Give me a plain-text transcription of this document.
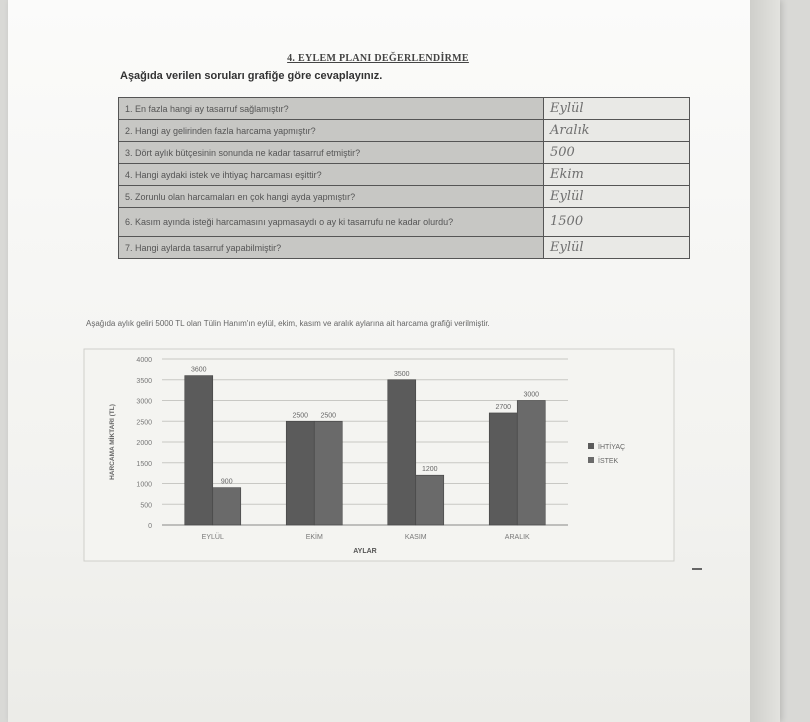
4. EYLEM PLANI DEĞERLENDİRME
Aşağıda verilen soruları grafiğe göre cevaplayınız.
1. En fazla hangi ay tasarruf sağlamıştır?	Eylül
2. Hangi ay gelirinden fazla harcama yapmıştır?	Aralık
3. Dört aylık bütçesinin sonunda ne kadar tasarruf etmiştir?	500
4. Hangi aydaki istek ve ihtiyaç harcaması eşittir?	Ekim
5. Zorunlu olan harcamaları en çok hangi ayda yapmıştır?	Eylül
6. Kasım ayında isteği harcamasını yapmasaydı o ay ki tasarrufu ne kadar olurdu?	1500
7. Hangi aylarda tasarruf yapabilmiştir?	Eylül
Aşağıda aylık geliri 5000 TL olan Tülin Hanım'ın eylül, ekim, kasım ve aralık aylarına ait harcama grafiği verilmiştir.
0
500
1000
1500
2000
2500
3000
3500
4000
HARCAMA MİKTARI (TL)
3600
900
EYLÜL
2500 2500
EKİM
3500
1200
KASIM
2700
3000
ARALIK
AYLAR
İHTİYAÇ
İSTEK
